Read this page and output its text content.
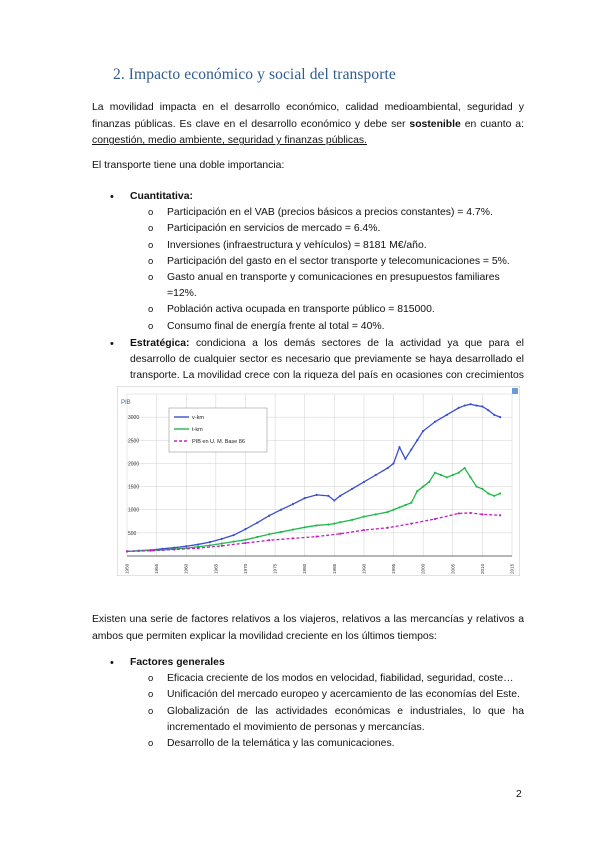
2. Impacto económico y social del transporte
La movilidad impacta en el desarrollo económico, calidad medioambiental, seguridad y finanzas públicas. Es clave en el desarrollo económico y debe ser sostenible en cuanto a: congestión, medio ambiente, seguridad y finanzas públicas.
El transporte tiene una doble importancia:
• Cuantitativa:
o Participación en el VAB (precios básicos a precios constantes) = 4.7%.
o Participación en servicios de mercado = 6.4%.
o Inversiones (infraestructura y vehículos) = 8181 M€/año.
o Participación del gasto en el sector transporte y telecomunicaciones = 5%.
o Gasto anual en transporte y comunicaciones en presupuestos familiares =12%.
o Población activa ocupada en transporte público = 815000.
o Consumo final de energía frente al total = 40%.
• Estratégica: condiciona a los demás sectores de la actividad ya que para el desarrollo de cualquier sector es necesario que previamente se haya desarrollado el transporte. La movilidad crece con la riqueza del país en ocasiones con crecimientos
500
1000
1500
2000
2500
3000
PIB
1950	1955	1960	1965	1970	1975	1980	1985	1990	1995	2000	2005	2010	2015
v-km
t-km
PIB en U. M. Base 86
Existen una serie de factores relativos a los viajeros, relativos a las mercancías y relativos a ambos que permiten explicar la movilidad creciente en los últimos tiempos:
• Factores generales
o Eficacia creciente de los modos en velocidad, fiabilidad, seguridad, coste…
o Unificación del mercado europeo y acercamiento de las economías del Este.
o Globalización de las actividades económicas e industriales, lo que ha incrementado el movimiento de personas y mercancías.
o Desarrollo de la telemática y las comunicaciones.
2
